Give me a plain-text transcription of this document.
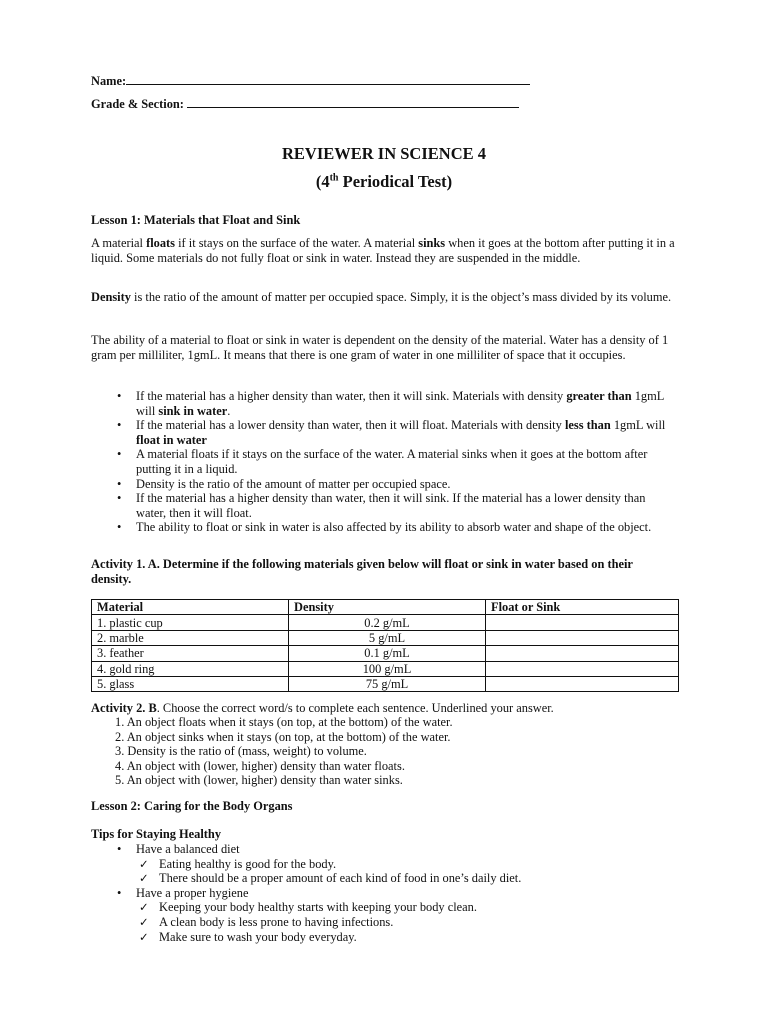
Name:
Grade & Section:
REVIEWER IN SCIENCE 4
(4th Periodical Test)
Lesson 1: Materials that Float and Sink
A material floats if it stays on the surface of the water. A material sinks when it goes at the bottom after putting it in a liquid. Some materials do not fully float or sink in water. Instead they are suspended in the middle.
Density is the ratio of the amount of matter per occupied space. Simply, it is the object’s mass divided by its volume.
The ability of a material to float or sink in water is dependent on the density of the material. Water has a density of 1 gram per milliliter, 1gmL. It means that there is one gram of water in one milliliter of space that it occupies.
• If the material has a higher density than water, then it will sink. Materials with density greater than 1gmL will sink in water.
• If the material has a lower density than water, then it will float. Materials with density less than 1gmL will float in water
• A material floats if it stays on the surface of the water. A material sinks when it goes at the bottom after putting it in a liquid.
• Density is the ratio of the amount of matter per occupied space.
• If the material has a higher density than water, then it will sink. If the material has a lower density than water, then it will float.
• The ability to float or sink in water is also affected by its ability to absorb water and shape of the object.
Activity 1. A. Determine if the following materials given below will float or sink in water based on their density.
Material	Density	Float or Sink
1. plastic cup	0.2 g/mL	
2. marble	5 g/mL	
3. feather	0.1 g/mL	
4. gold ring	100 g/mL	
5. glass	75 g/mL	
Activity 2. B. Choose the correct word/s to complete each sentence. Underlined your answer.
1. An object floats when it stays (on top, at the bottom) of the water.
2. An object sinks when it stays (on top, at the bottom) of the water.
3. Density is the ratio of (mass, weight) to volume.
4. An object with (lower, higher) density than water floats.
5. An object with (lower, higher) density than water sinks.
Lesson 2: Caring for the Body Organs
Tips for Staying Healthy
• Have a balanced diet
✓ Eating healthy is good for the body.
✓ There should be a proper amount of each kind of food in one’s daily diet.
• Have a proper hygiene
✓ Keeping your body healthy starts with keeping your body clean.
✓ A clean body is less prone to having infections.
✓ Make sure to wash your body everyday.
